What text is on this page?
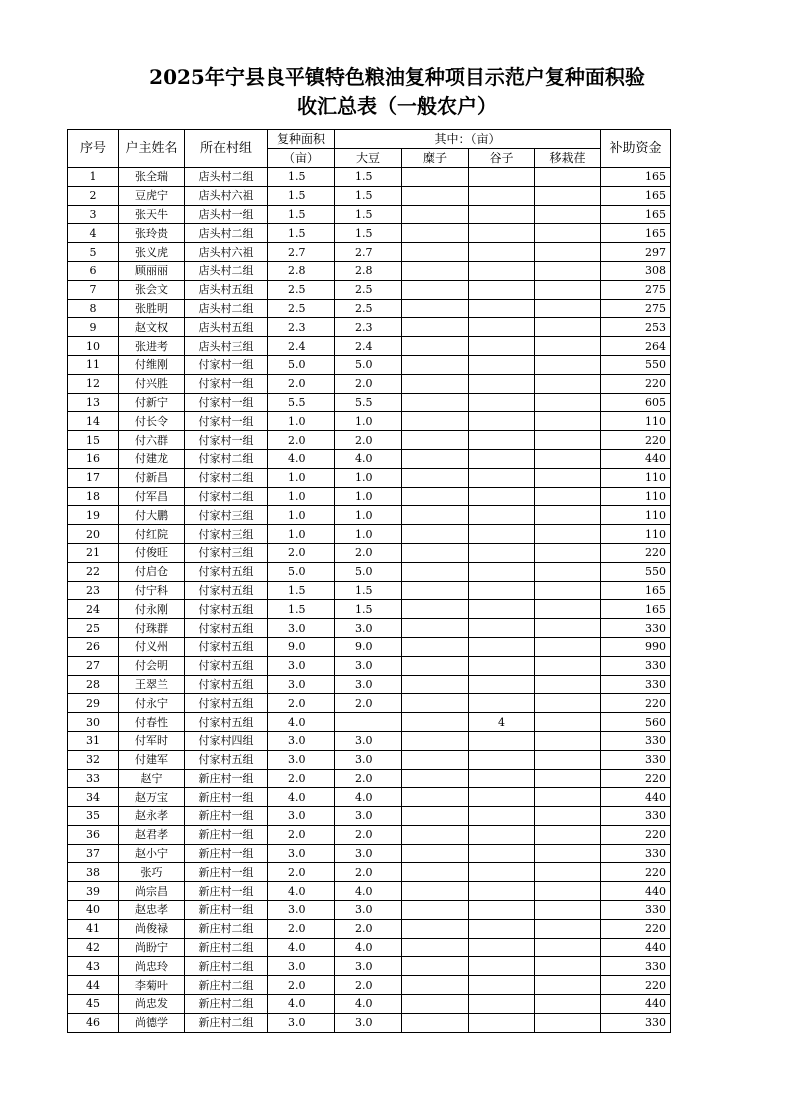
2025年宁县良平镇特色粮油复种项目示范户复种面积验
收汇总表（一般农户）
序号	户主姓名	所在村组	复种面积	其中：（亩）				补助资金
			（亩）	大豆	糜子	谷子	移栽荏	
1	张全瑞	店头村二组	1.5	1.5				165
2	豆虎宁	店头村六祖	1.5	1.5				165
3	张天牛	店头村一组	1.5	1.5				165
4	张玲贵	店头村二组	1.5	1.5				165
5	张义虎	店头村六祖	2.7	2.7				297
6	顾丽丽	店头村二组	2.8	2.8				308
7	张会文	店头村五组	2.5	2.5				275
8	张胜明	店头村二组	2.5	2.5				275
9	赵文权	店头村五组	2.3	2.3				253
10	张进考	店头村三组	2.4	2.4				264
11	付维刚	付家村一组	5.0	5.0				550
12	付兴胜	付家村一组	2.0	2.0				220
13	付新宁	付家村一组	5.5	5.5				605
14	付长令	付家村一组	1.0	1.0				110
15	付六群	付家村一组	2.0	2.0				220
16	付建龙	付家村二组	4.0	4.0				440
17	付新昌	付家村二组	1.0	1.0				110
18	付军昌	付家村二组	1.0	1.0				110
19	付大鹏	付家村三组	1.0	1.0				110
20	付红院	付家村三组	1.0	1.0				110
21	付俊旺	付家村三组	2.0	2.0				220
22	付启仓	付家村五组	5.0	5.0				550
23	付宁科	付家村五组	1.5	1.5				165
24	付永刚	付家村五组	1.5	1.5				165
25	付珠群	付家村五组	3.0	3.0				330
26	付义州	付家村五组	9.0	9.0				990
27	付会明	付家村五组	3.0	3.0				330
28	王翠兰	付家村五组	3.0	3.0				330
29	付永宁	付家村五组	2.0	2.0				220
30	付春性	付家村五组	4.0			4		560
31	付军时	付家村四组	3.0	3.0				330
32	付建军	付家村五组	3.0	3.0				330
33	赵宁	新庄村一组	2.0	2.0				220
34	赵万宝	新庄村一组	4.0	4.0				440
35	赵永孝	新庄村一组	3.0	3.0				330
36	赵君孝	新庄村一组	2.0	2.0				220
37	赵小宁	新庄村一组	3.0	3.0				330
38	张巧	新庄村一组	2.0	2.0				220
39	尚宗昌	新庄村一组	4.0	4.0				440
40	赵忠孝	新庄村一组	3.0	3.0				330
41	尚俊禄	新庄村二组	2.0	2.0				220
42	尚盼宁	新庄村二组	4.0	4.0				440
43	尚忠玲	新庄村二组	3.0	3.0				330
44	李菊叶	新庄村二组	2.0	2.0				220
45	尚忠发	新庄村二组	4.0	4.0				440
46	尚德学	新庄村二组	3.0	3.0				330
